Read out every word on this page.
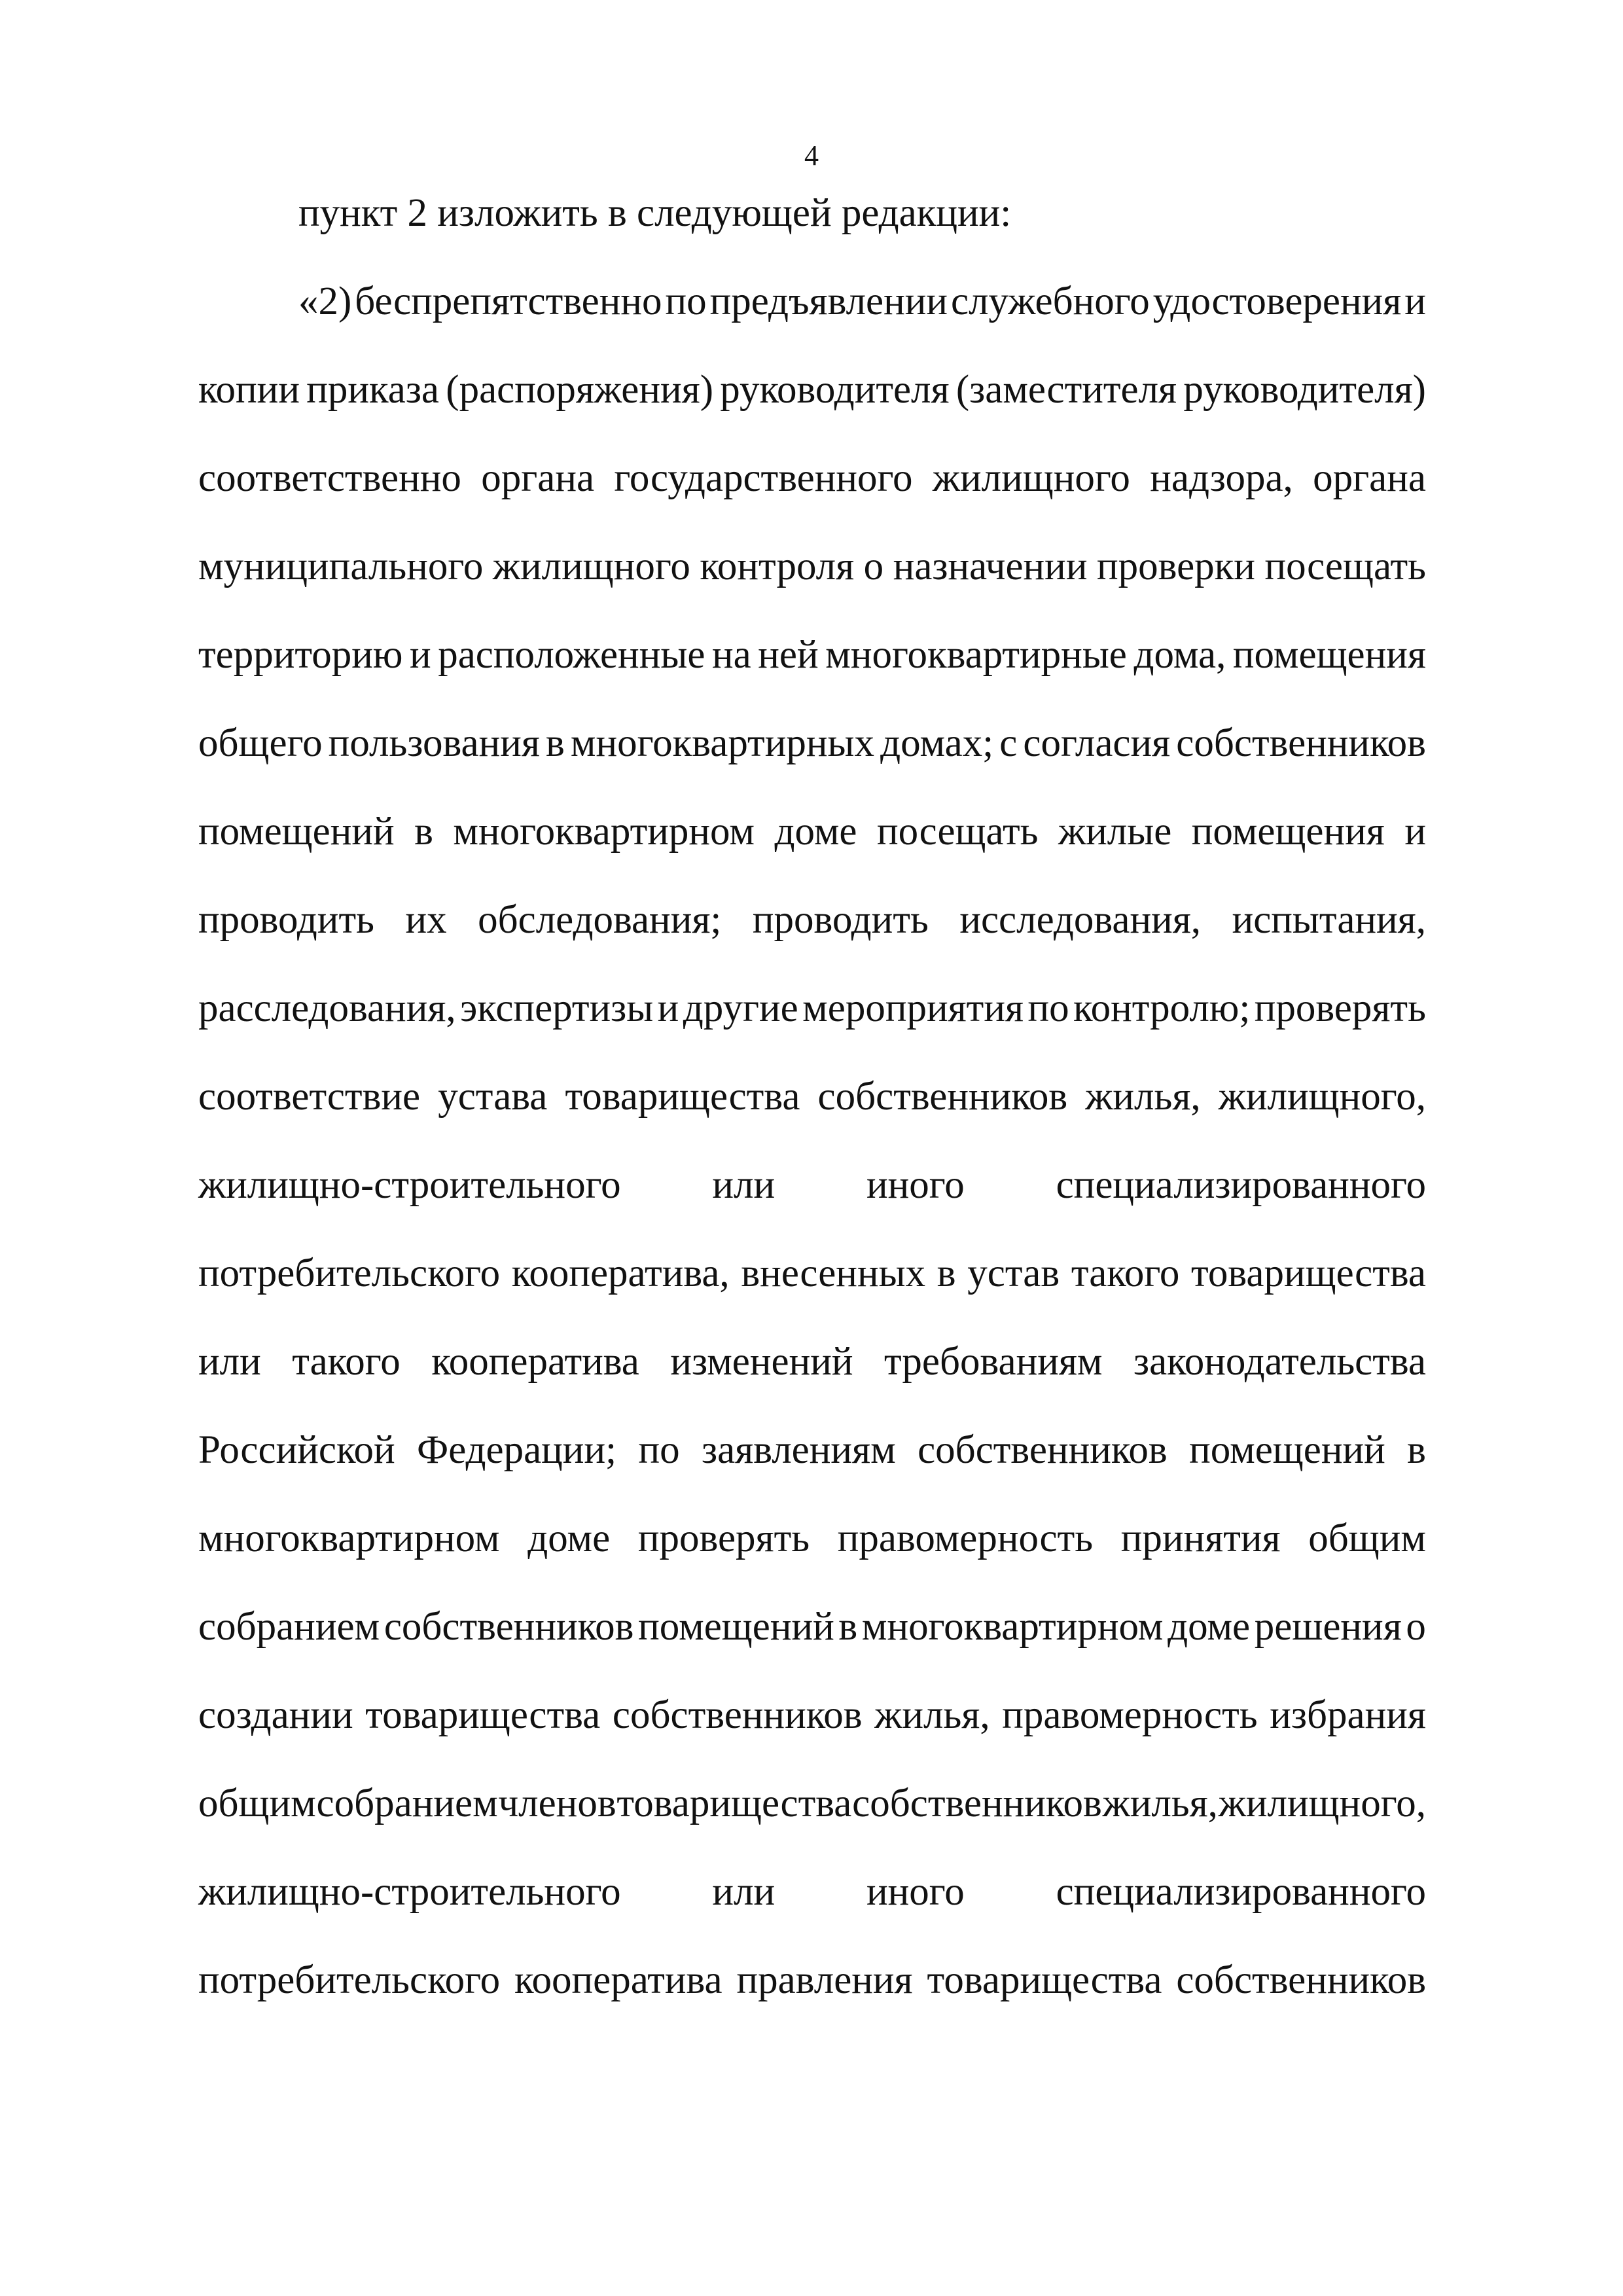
4
пункт 2 изложить в следующей редакции:
«2) беспрепятственно по предъявлении служебного удостоверения и
копии приказа (распоряжения) руководителя (заместителя руководителя)
соответственно органа государственного жилищного надзора, органа
муниципального жилищного контроля о назначении проверки посещать
территорию и расположенные на ней многоквартирные дома, помещения
общего пользования в многоквартирных домах; с согласия собственников
помещений в многоквартирном доме посещать жилые помещения и
проводить их обследования; проводить исследования, испытания,
расследования, экспертизы и другие мероприятия по контролю; проверять
соответствие устава товарищества собственников жилья, жилищного,
жилищно-строительного или иного специализированного
потребительского кооператива, внесенных в устав такого товарищества
или такого кооператива изменений требованиям законодательства
Российской Федерации; по заявлениям собственников помещений в
многоквартирном доме проверять правомерность принятия общим
собранием собственников помещений в многоквартирном доме решения о
создании товарищества собственников жилья, правомерность избрания
общим собранием членов товарищества собственников жилья, жилищного,
жилищно-строительного или иного специализированного
потребительского кооператива правления товарищества собственников
